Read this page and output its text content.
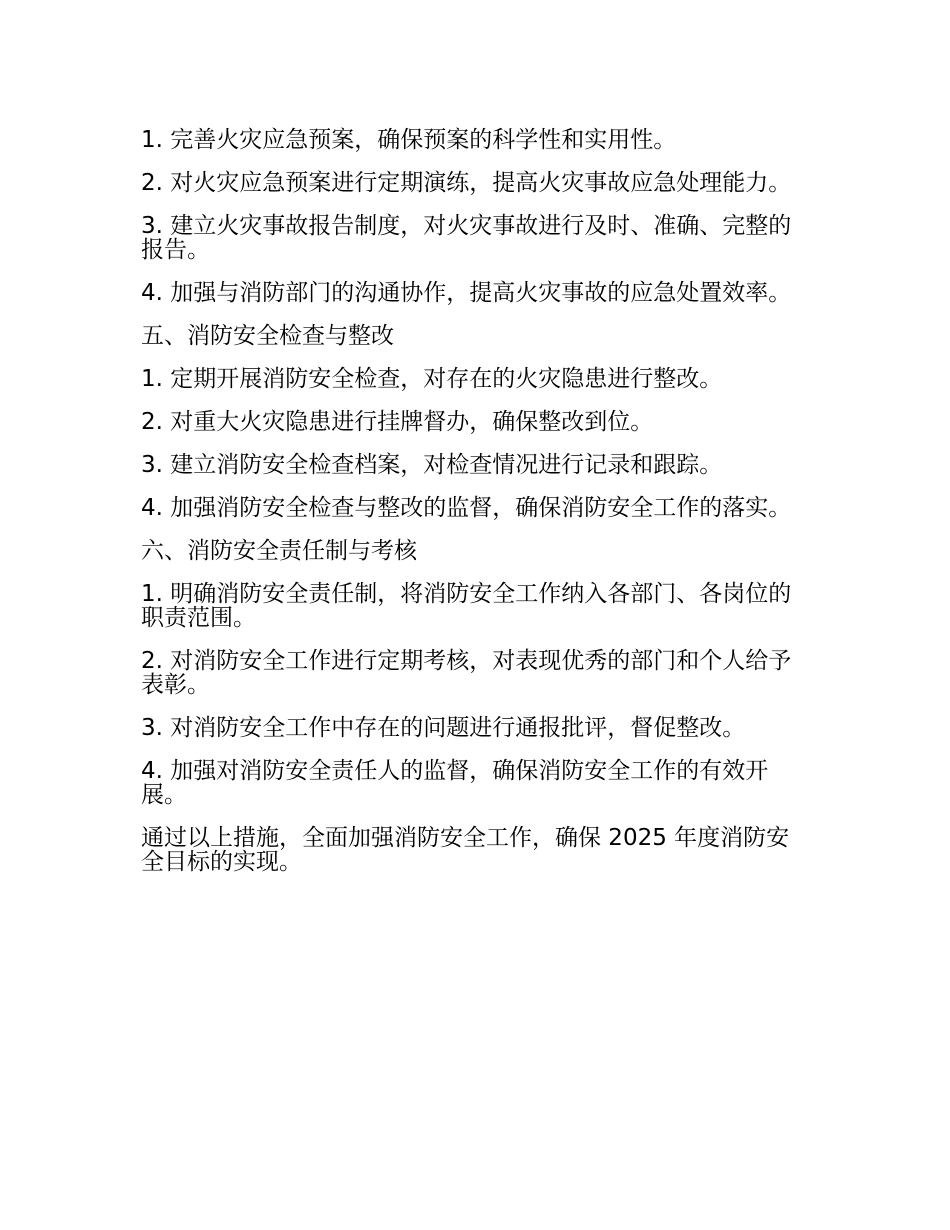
1. 完善火灾应急预案，确保预案的科学性和实用性。

2. 对火灾应急预案进行定期演练，提高火灾事故应急处理能力。

3. 建立火灾事故报告制度，对火灾事故进行及时、准确、完整的报告。

4. 加强与消防部门的沟通协作，提高火灾事故的应急处置效率。

五、消防安全检查与整改

1. 定期开展消防安全检查，对存在的火灾隐患进行整改。

2. 对重大火灾隐患进行挂牌督办，确保整改到位。

3. 建立消防安全检查档案，对检查情况进行记录和跟踪。

4. 加强消防安全检查与整改的监督，确保消防安全工作的落实。

六、消防安全责任制与考核

1. 明确消防安全责任制，将消防安全工作纳入各部门、各岗位的职责范围。

2. 对消防安全工作进行定期考核，对表现优秀的部门和个人给予表彰。

3. 对消防安全工作中存在的问题进行通报批评，督促整改。

4. 加强对消防安全责任人的监督，确保消防安全工作的有效开展。

通过以上措施，全面加强消防安全工作，确保 2025 年度消防安全目标的实现。
